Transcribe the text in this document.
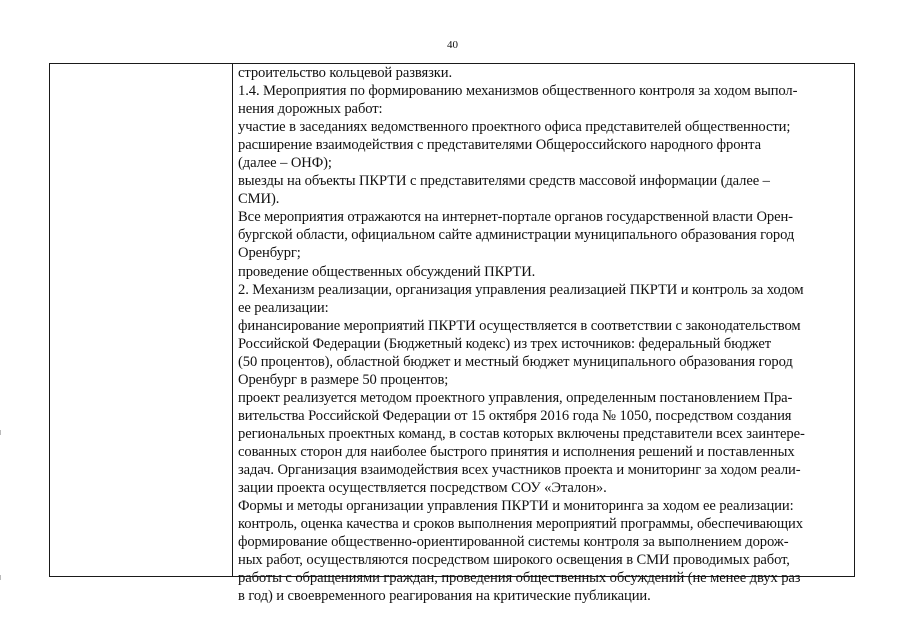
40
строительство кольцевой развязки.
1.4. Мероприятия по формированию механизмов общественного контроля за ходом выпол-
нения дорожных работ:
участие в заседаниях ведомственного проектного офиса представителей общественности;
расширение взаимодействия с представителями Общероссийского народного фронта
(далее – ОНФ);
выезды на объекты ПКРТИ с представителями средств массовой информации (далее –
СМИ).
Все мероприятия отражаются на интернет-портале органов государственной власти Орен-
бургской области, официальном сайте администрации муниципального образования город
Оренбург;
проведение общественных обсуждений ПКРТИ.
2. Механизм реализации, организация управления реализацией ПКРТИ и контроль за ходом
ее реализации:
финансирование мероприятий ПКРТИ осуществляется в соответствии с законодательством
Российской Федерации (Бюджетный кодекс) из трех источников: федеральный бюджет
(50 процентов), областной бюджет и местный бюджет муниципального образования город
Оренбург в размере 50 процентов;
проект реализуется методом проектного управления, определенным постановлением Пра-
вительства Российской Федерации от 15 октября 2016 года № 1050, посредством создания
региональных проектных команд, в состав которых включены представители всех заинтере-
сованных сторон для наиболее быстрого принятия и исполнения решений и поставленных
задач. Организация взаимодействия всех участников проекта и мониторинг за ходом реали-
зации проекта осуществляется посредством СОУ «Эталон».
Формы и методы организации управления ПКРТИ и мониторинга за ходом ее реализации:
контроль, оценка качества и сроков выполнения мероприятий программы, обеспечивающих
формирование общественно-ориентированной системы контроля за выполнением дорож-
ных работ, осуществляются посредством широкого освещения в СМИ проводимых работ,
работы с обращениями граждан, проведения общественных обсуждений (не менее двух раз
в год) и своевременного реагирования на критические публикации.
